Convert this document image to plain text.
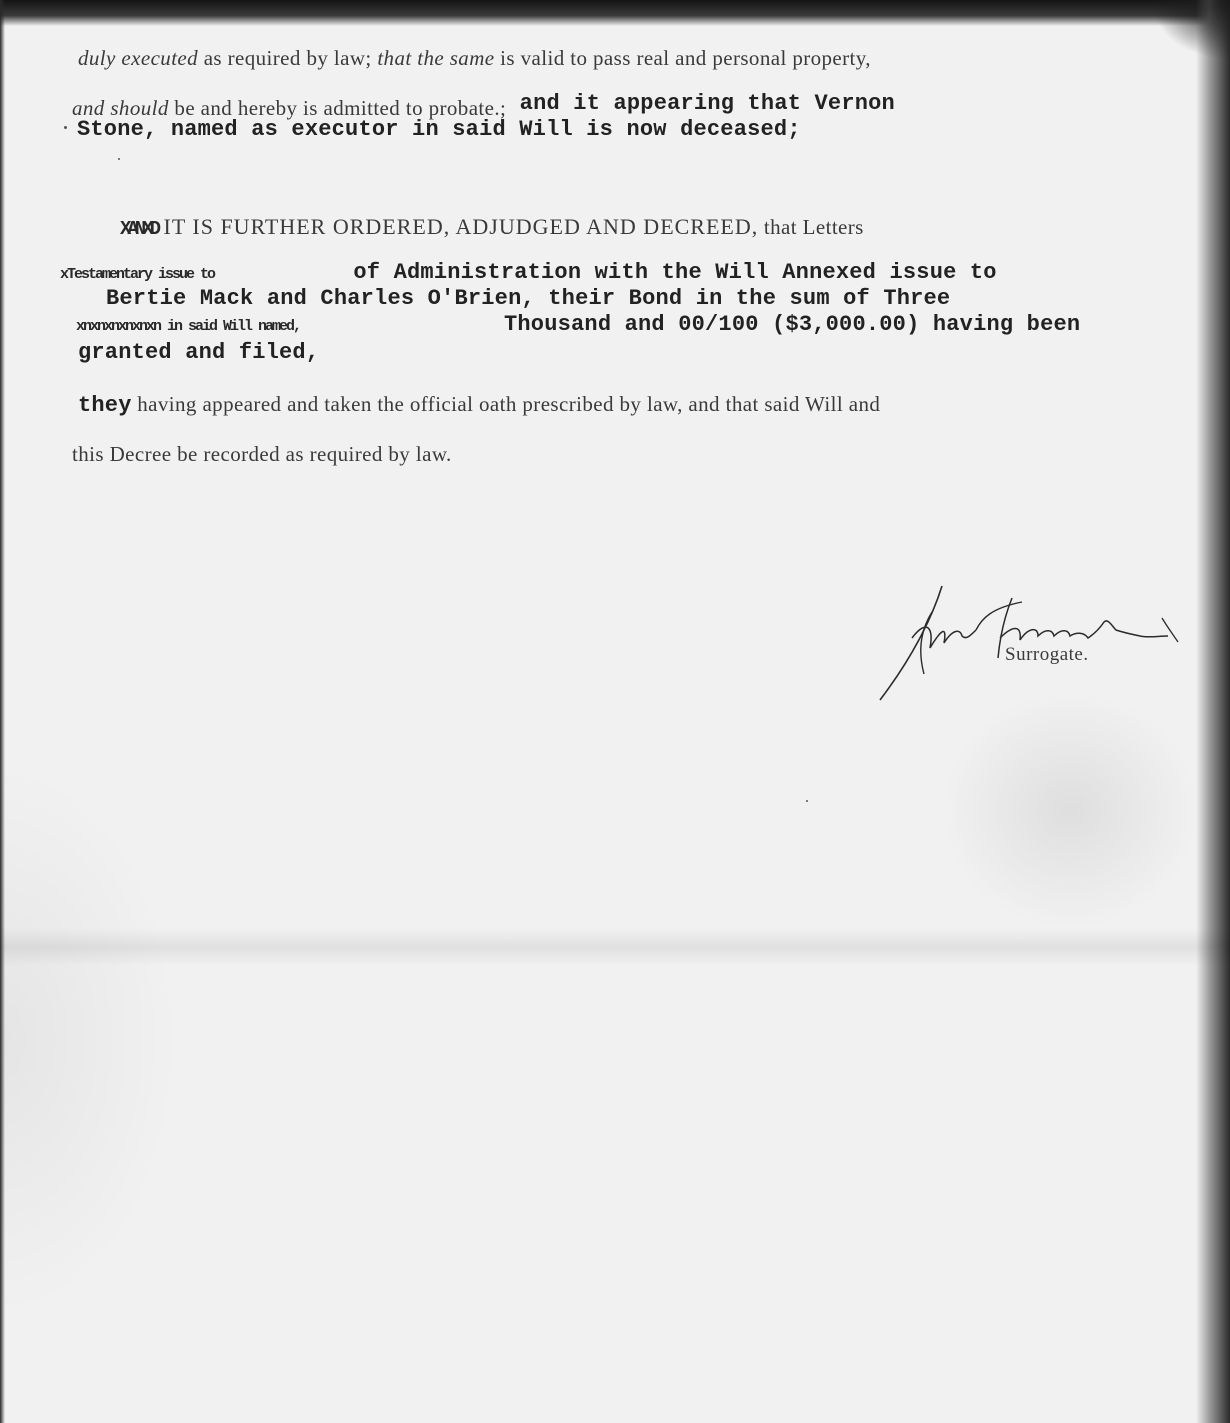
duly executed as required by law; that the same is valid to pass real and personal property,
and should be and hereby is admitted to probate.; and it appearing that Vernon
Stone, named as executor in said Will is now deceased;
XANXD IT IS FURTHER ORDERED, ADJUDGED AND DECREED, that Letters
xTestamentary issue to	of Administration with the Will Annexed issue to
Bertie Mack and Charles O'Brien, their Bond in the sum of Three
xnxnxnxnxnxn in said Will named,	Thousand and 00/100 ($3,000.00) having been
granted and filed,
they having appeared and taken the official oath prescribed by law, and that said Will and
this Decree be recorded as required by law.
Surrogate.
